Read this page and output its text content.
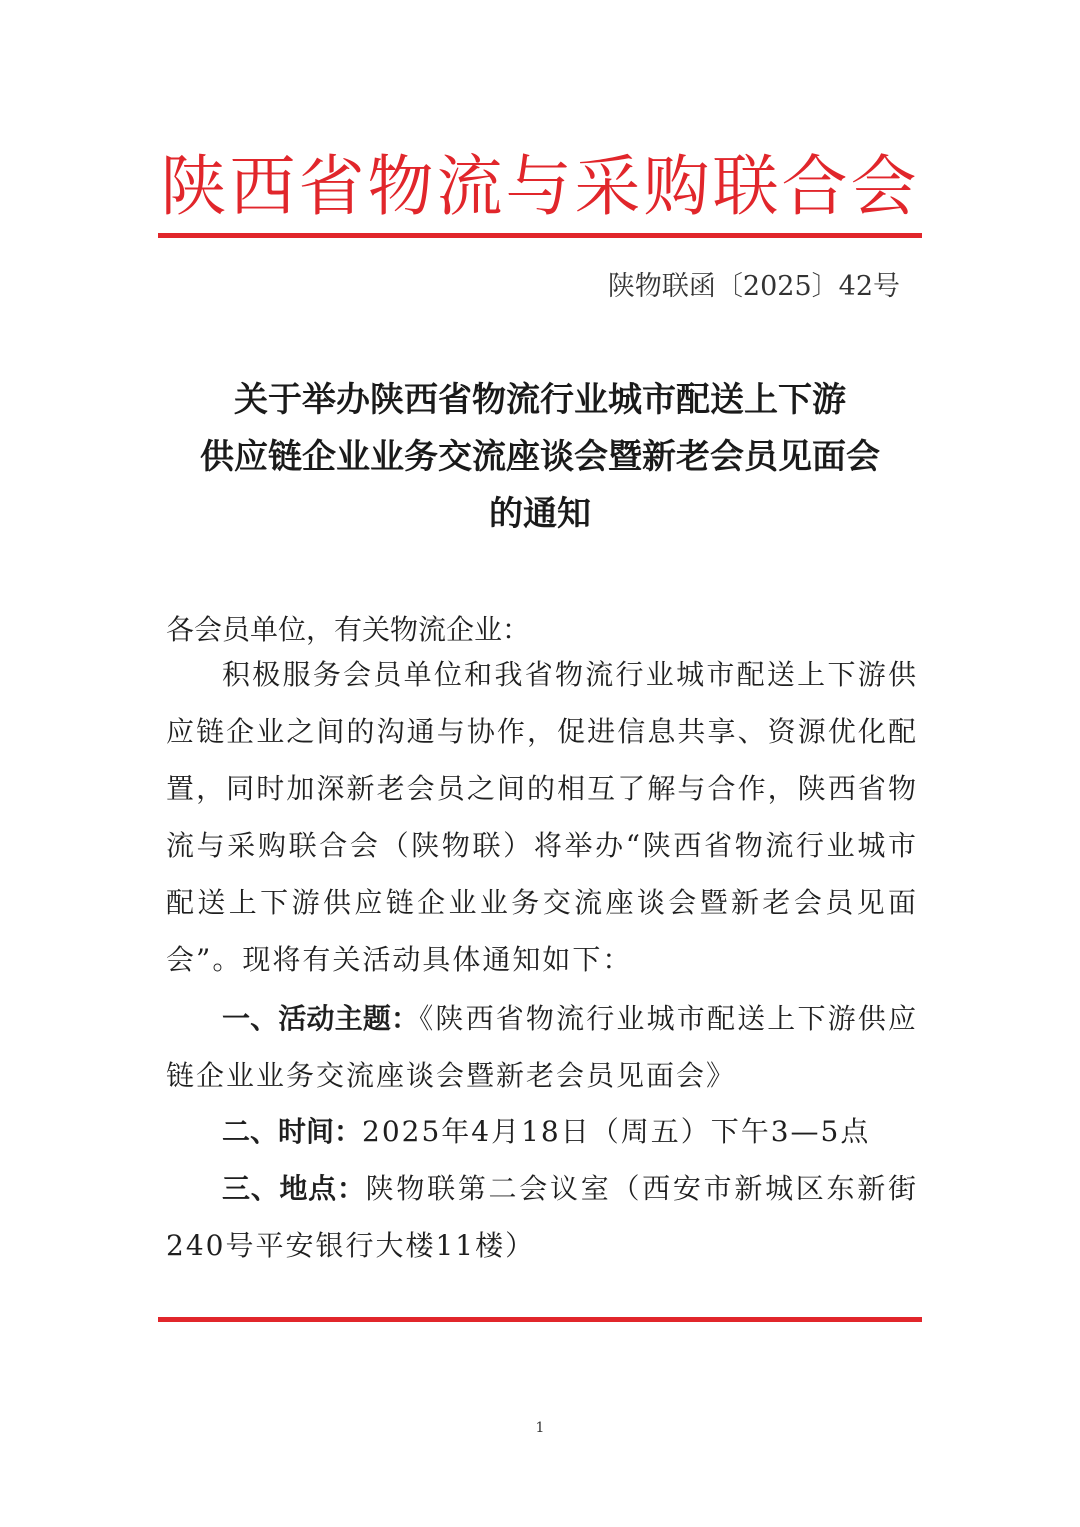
陕西省物流与采购联合会
陕物联函〔2025〕42号
关于举办陕西省物流行业城市配送上下游
供应链企业业务交流座谈会暨新老会员见面会
的通知
各会员单位，有关物流企业：
积极服务会员单位和我省物流行业城市配送上下游供应链企业之间的沟通与协作，促进信息共享、资源优化配置，同时加深新老会员之间的相互了解与合作，陕西省物流与采购联合会（陕物联）将举办“陕西省物流行业城市配送上下游供应链企业业务交流座谈会暨新老会员见面会”。现将有关活动具体通知如下：
一、活动主题：《陕西省物流行业城市配送上下游供应链企业业务交流座谈会暨新老会员见面会》
二、时间：2025年4月18日（周五）下午3—5点
三、地点：陕物联第二会议室（西安市新城区东新街240号平安银行大楼11楼）
1
